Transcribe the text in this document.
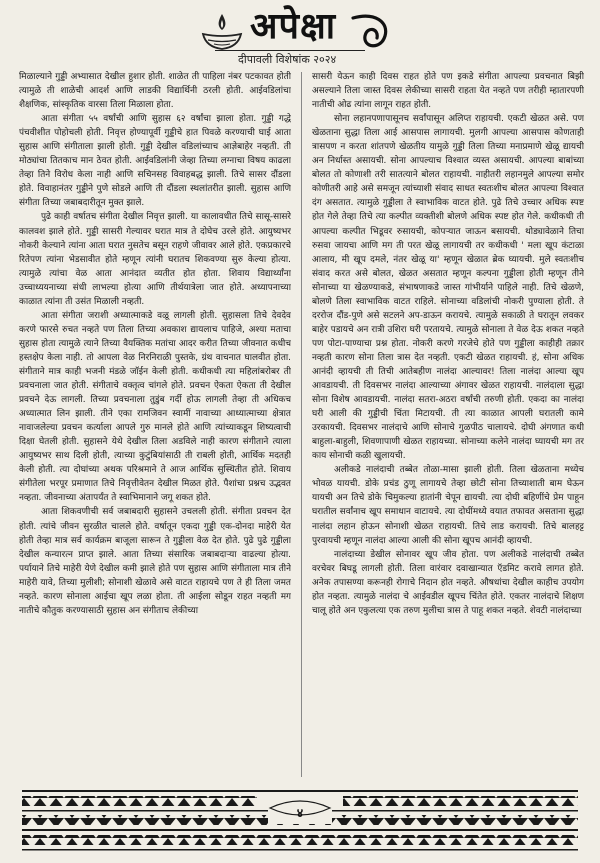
अपेक्षा
दीपावली विशेषांक २०२४

मिळाल्याने गुड्डी अभ्यासात देखील हुशार होती. शाळेत ती पाहिला नंबर पटकावत होती त्यामुळे ती शाळेची आदर्श आणि लाडकी विद्यार्थिनी ठरली होती. आईवडिलांचा शैक्षणिक, सांस्कृतिक वारसा तिला मिळाला होता.

आता संगीता ५५ वर्षांची आणि सुहास ६२ वर्षांचा झाला होता. गुड्डी गद्धे पंचवीशीत पोहोचली होती. निवृत्त होण्यापूर्वी गुड्डीचे हात पिवळे करण्याची घाई आता सुहास आणि संगीताला झाली होती. गुड्डी देखील वडिलांच्याच आज्ञेबाहेर नव्हती. ती मोठ्यांचा तितकाच मान ठेवत होती. आईवडिलांनी जेव्हा तिच्या लग्नाचा विषय काढला तेव्हा तिने विरोध केला नाही आणि सचिनसह विवाहबद्ध झाली. तिचे सासर दौंडला होते. विवाहानंतर गुड्डीने पुणे सोडले आणि ती दौंडला स्थलांतरीत झाली. सुहास आणि संगीता तिच्या जबाबदारीतून मुक्त झाले.

पुढे काही वर्षातच संगीता देखील निवृत्त झाली. या कालावधीत तिचे सासू-सासरे कालवश झाले होते. गुड्डी सासरी गेल्यावर घरात मात्र ते दोघेच उरले होते. आयुष्यभर नोकरी केल्याने त्यांना आता घरात नुसतेच बसून राहणे जीवावर आले होते. एकप्रकारचे रितेपण त्यांना भेडसावीत होते म्हणून त्यांनी घरातच शिकवण्या सुरु केल्या होत्या. त्यामुळे त्यांचा वेळ आता आनंदात व्यतीत होत होता. शिवाय विद्यार्थ्यांना उच्चाध्ययनाच्या संधी लाभल्या होत्या आणि तीर्थयात्रेला जात होते. अध्यापनाच्या काळात त्यांना ती उसंत मिळाली नव्हती.

आता संगीता जराशी अध्यात्माकडे वळू लागली होती. सुहासला तिचे देवदेव करणे फारसे रुचत नव्हते पण तिला तिच्या अवकाश द्यायलाच पाहिजे, अश्या मताचा सुहास होता त्यामुळे त्याने तिच्या वैयक्तिक मतांचा आदर करीत तिच्या जीवनात कधीच हस्तक्षेप केला नाही. तो आपला वेळ निरनिराळी पुस्तके, ग्रंथ वाचनात घालवीत होता. संगीताने मात्र काही भजनी मंडळे जॉईन केली होती. कधीकधी त्या महिलांबरोबर ती प्रवचनाला जात होती. संगीताचे वक्तृत्व चांगले होते. प्रवचन ऐकता ऐकता ती देखील प्रवचने देऊ लागली. तिच्या प्रवचनाला तुडुंब गर्दी होऊ लागली तेव्हा ती अधिकच अध्यात्मात लिन झाली. तीने एका रामजिवन स्वामीं नावाच्या आध्यात्माच्या क्षेत्रात नावाजलेल्या प्रवचन कर्त्याला आपले गुरु मानले होते आणि त्यांच्याकडून शिष्यत्वाची दिक्षा घेतली होती. सुहासने येथे देखील तिला अडविले नाही कारण संगीताने त्याला आयुष्यभर साथ दिली होती, त्याच्या कुटुंबियांसाठी ती राबली होती, आर्थिक मदतही केली होती. त्या दोघांच्या अथक परिश्रमाने ते आज आर्थिक सुस्थितीत होते. शिवाय संगीतेला भरपूर प्रमाणात तिचे निवृत्तीवेतन देखील मिळत होते. पैशांचा प्रश्नच उद्भवत नव्हता. जीवनाच्या अंतापर्यंत ते स्वाभिमानाने जगू शकत होते.

आता शिकवणीची सर्व जबाबदारी सुहासने उचलली होती. संगीता प्रवचन देत होती. त्यांचे जीवन सुरळीत चालले होते. वर्षातून एकदा गुड्डी एक-दोनदा माहेरी येत होती तेव्हा मात्र सर्व कार्यक्रम बाजूला सारून ते गुड्डीला वेळ देत होते. पुढे पुढे गुड्डीला देखील कन्यारत्न प्राप्त झाले. आता तिच्या संसारिक जबाबदाऱ्या वाढल्या होत्या. पर्यायाने तिचे माहेरी येणे देखील कमी झाले होते पण सुहास आणि संगीताला मात्र तीने माहेरी यावे, तिच्या मुलीशी; सोनाशी खेळावे असे वाटत राहायचे पण ते ही तिला जमत नव्हते. कारण सोनाला आईचा खूप लळा होता. ती आईला सोडून राहत नव्हती मग नातीचे कौतुक करण्यासाठी सुहास अन संगीताच लेकीच्या

सासरी येऊन काही दिवस राहत होते पण इकडे संगीता आपल्या प्रवचनात बिझी असल्याने तिला जास्त दिवस लेकीच्या सासरी राहता येत नव्हते पण तरीही म्हातारपणी नातीची ओढ त्यांना लागून राहत होती.

सोना लहानपणापासूनच सर्वांपासून अलिप्त राहायची. एकटी खेळत असे. पण खेळताना सुद्धा तिला आई आसपास लागायची. मुलगी आपल्या आसपास कोणताही त्रासपण न करता शांतपणे खेळतीय यामुळे गुड्डी तिला तिच्या मनाप्रमाणे खेळू द्यायची अन निर्धास्त असायची. सोना आपल्याच विश्वात व्यस्त असायची. आपल्या बाबांच्या बोलत तो कोणाशी तरी सातत्याने बोलत राहायची. नाहीतरी लहानमुले आपल्या समोर कोणीतरी आहे असे समजून त्यांच्याशी संवाद साधत स्वतःशीच बोलत आपल्या विश्वात दंग असतात. त्यामुळे गुड्डीला ते स्वाभाविक वाटत होते. पुढे तिचे उच्चार अधिक स्पष्ट होत गेले तेव्हा तिचे त्या कल्पीत व्यक्तीशी बोलणे अधिक स्पष्ट होत गेले. कधीकधी ती आपल्या कल्पीत भिडूवर रुसायची, कोपऱ्यात जाऊन बसायची. थोड्यावेळाने तिचा रुसवा जायचा आणि मग ती परत खेळू लागायची तर कधीकधी ' मला खूप कंटाळा आलाय, मी खूप दमले, नंतर खेळू या' म्हणून खेळात ब्रेक घ्यायची. मुले स्वतःशीच संवाद करत असे बोलत, खेळत असतात म्हणून कल्पना गुड्डीला होती म्हणून तीने सोनाच्या या खेळण्याकडे, संभाषणाकडे जास्त गांभीर्याने पाहिले नाही. तिचे खेळणे, बोलणे तिला स्वाभाविक वाटत राहिले. सोनाच्या वडिलांची नोकरी पुण्याला होती. ते दररोज दौंड-पुणे असे सटलने अप-डाऊन करायचे. त्यामुळे सकाळी ते घरातून लवकर बाहेर पडायचे अन रात्री उशिरा घरी परतायचे. त्यामुळे सोनाला ते वेळ देऊ शकत नव्हते पण पोटा-पाण्याचा प्रश्न होता. नोकरी करणे गरजेचे होते पण गुड्डीला काहीही तक्रार नव्हती कारण सोना तिला त्रास देत नव्हती. एकटी खेळत राहायची. हं, सोना अधिक आनंदी व्हायची ती तिची आतेबहीण नालंदा आल्यावर! तिला नालंदा आल्या खूप आवडायची. ती दिवसभर नालंदा आल्याच्या अंगावर खेळत राहायची. नालंदाला सुद्धा सोना विशेष आवडायची. नालंदा सतरा-अठरा वर्षांची तरुणी होती. एकदा का नालंदा घरी आली की गुड्डीची चिंता मिटायची. ती त्या काळात आपली घरातली कामे उरकायची. दिवसभर नालंदाचे आणि सोनाचे गुळपीठ चालायचे. दोघी अंगणात कधी बाहुला-बाहुली, शिवणापाणी खेळत राहायच्या. सोनाच्या कलेने नालंदा घ्यायची मग तर काय सोनाची कळी खुलायची.

अलीकडे नालंदाची तब्बेत तोळा-मासा झाली होती. तिला खेळताना मध्येच भोवळ यायची. डोके प्रचंड ठुणू लागायचे तेव्हा छोटी सोना तिच्याशाती बाम घेऊन यायची अन तिचे डोके चिमुकल्या हातांनी चेपून द्यायची. त्या दोघी बहिणींचे प्रेम पाहून घरातील सर्वांनाच खूप समाधान वाटायचे. त्या दोघींमध्ये वयात तफावत असताना सुद्धा नालंदा लहान होऊन सोनाशी खेळत राहायची. तिचे लाड करायची. तिचे बालहट्ट पुरवायची म्हणून नालंदा आल्या आली की सोना खूपच आनंदी व्हायची.

नालंदाच्या डेखील सोनावर खूप जीव होता. पण अलीकडे नालंदाची तब्बेत वरचेवर बिघडू लागली होती. तिला वारंवार दवाखान्यात ऍडमिट करावे लागत होते. अनेक तपासण्या करूनही रोगाचे निदान होत नव्हते. औषधांचा देखील काहीच उपयोग होत नव्हता. त्यामुळे नालंदा चे आईवडील खूपच चिंतेत होते. एकतर नालंदाचे शिक्षण चालू होते अन एकुलत्या एक तरुण मुलीचा त्रास ते पाहू शकत नव्हते. शेवटी नालंदाच्या

४
